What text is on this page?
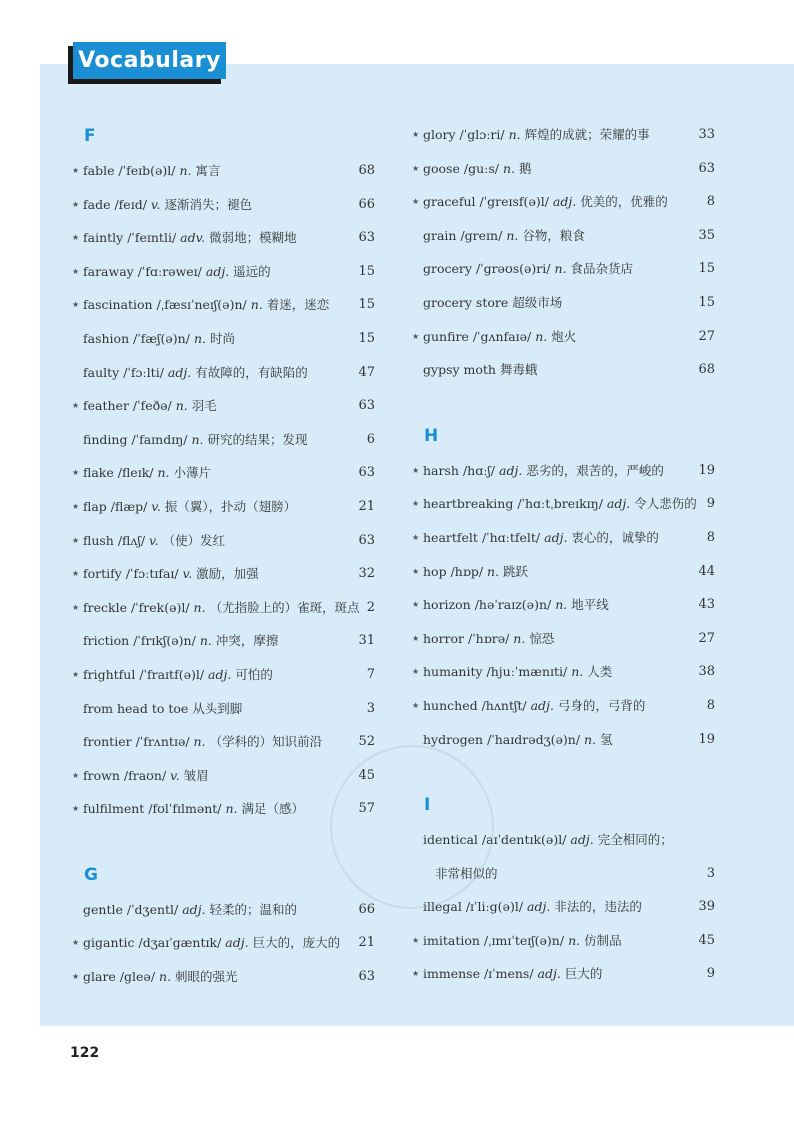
Vocabulary
F
★ fable /ˈfeɪb(ə)l/ n. 寓言	68
★ fade /feɪd/ v. 逐渐消失；褪色	66
★ faintly /ˈfeɪntli/ adv. 微弱地；模糊地	63
★ faraway /ˈfɑːrəweɪ/ adj. 遥远的	15
★ fascination /ˌfæsɪˈneɪʃ(ə)n/ n. 着迷，迷恋 15
fashion /ˈfæʃ(ə)n/ n. 时尚	15
faulty /ˈfɔːlti/ adj. 有故障的，有缺陷的	47
★ feather /ˈfeðə/ n. 羽毛	63
finding /ˈfaɪndɪŋ/ n. 研究的结果；发现	6
★ flake /fleɪk/ n. 小薄片	63
★ flap /flæp/ v. 振（翼），扑动（翅膀）	21
★ flush /flʌʃ/ v. （使）发红	63
★ fortify /ˈfɔːtɪfaɪ/ v. 激励，加强	32
★ freckle /ˈfrek(ə)l/ n. （尤指脸上的）雀斑，斑点 2
friction /ˈfrɪkʃ(ə)n/ n. 冲突，摩擦	31
★ frightful /ˈfraɪtf(ə)l/ adj. 可怕的	7
from head to toe 从头到脚	3
frontier /ˈfrʌntɪə/ n. （学科的）知识前沿	52
★ frown /fraʊn/ v. 皱眉	45
★ fulfilment /fʊlˈfɪlmənt/ n. 满足（感）	57
G
gentle /ˈdʒentl/ adj. 轻柔的；温和的	66
★ gigantic /dʒaɪˈgæntɪk/ adj. 巨大的，庞大的 21
★ glare /gleə/ n. 刺眼的强光	63
★ glory /ˈglɔːri/ n. 辉煌的成就；荣耀的事	33
★ goose /guːs/ n. 鹅	63
★ graceful /ˈgreɪsf(ə)l/ adj. 优美的，优雅的	8
grain /greɪn/ n. 谷物，粮食	35
grocery /ˈgrəʊs(ə)ri/ n. 食品杂货店	15
grocery store 超级市场	15
★ gunfire /ˈgʌnfaɪə/ n. 炮火	27
gypsy moth 舞毒蛾	68
H
★ harsh /hɑːʃ/ adj. 恶劣的，艰苦的，严峻的	19
★ heartbreaking /ˈhɑːtˌbreɪkɪŋ/ adj. 令人悲伤的 9
★ heartfelt /ˈhɑːtfelt/ adj. 衷心的，诚挚的	8
★ hop /hɒp/ n. 跳跃	44
★ horizon /həˈraɪz(ə)n/ n. 地平线	43
★ horror /ˈhɒrə/ n. 惊恐	27
★ humanity /hjuːˈmænɪti/ n. 人类	38
★ hunched /hʌntʃt/ adj. 弓身的，弓背的	8
hydrogen /ˈhaɪdrədʒ(ə)n/ n. 氢	19
I
identical /aɪˈdentɪk(ə)l/ adj. 完全相同的；
非常相似的	3
illegal /ɪˈliːg(ə)l/ adj. 非法的，违法的	39
★ imitation /ˌɪmɪˈteɪʃ(ə)n/ n. 仿制品	45
★ immense /ɪˈmens/ adj. 巨大的	9
122
